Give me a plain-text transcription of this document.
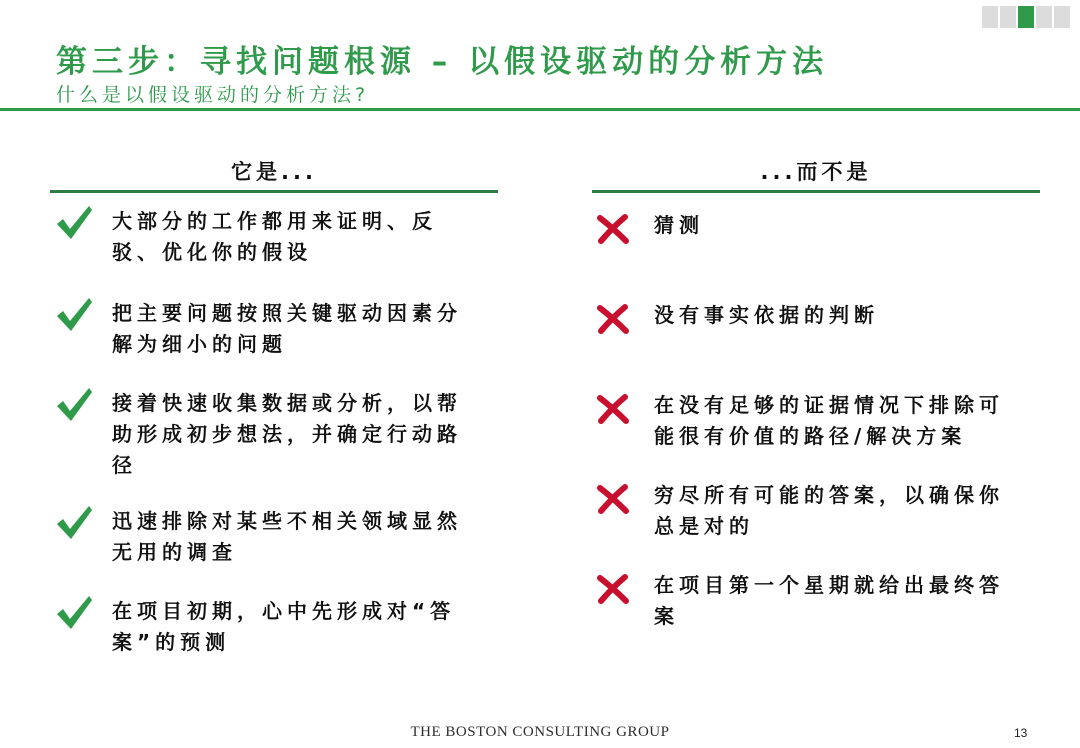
第三步：寻找问题根源 – 以假设驱动的分析方法
什么是以假设驱动的分析方法?
它是...	...而不是
大部分的工作都用来证明、反驳、优化你的假设
把主要问题按照关键驱动因素分解为细小的问题
接着快速收集数据或分析，以帮助形成初步想法，并确定行动路径
迅速排除对某些不相关领域显然无用的调查
在项目初期，心中先形成对“答案”的预测
猜测
没有事实依据的判断
在没有足够的证据情况下排除可能很有价值的路径/解决方案
穷尽所有可能的答案，以确保你总是对的
在项目第一个星期就给出最终答案
THE BOSTON CONSULTING GROUP	13
